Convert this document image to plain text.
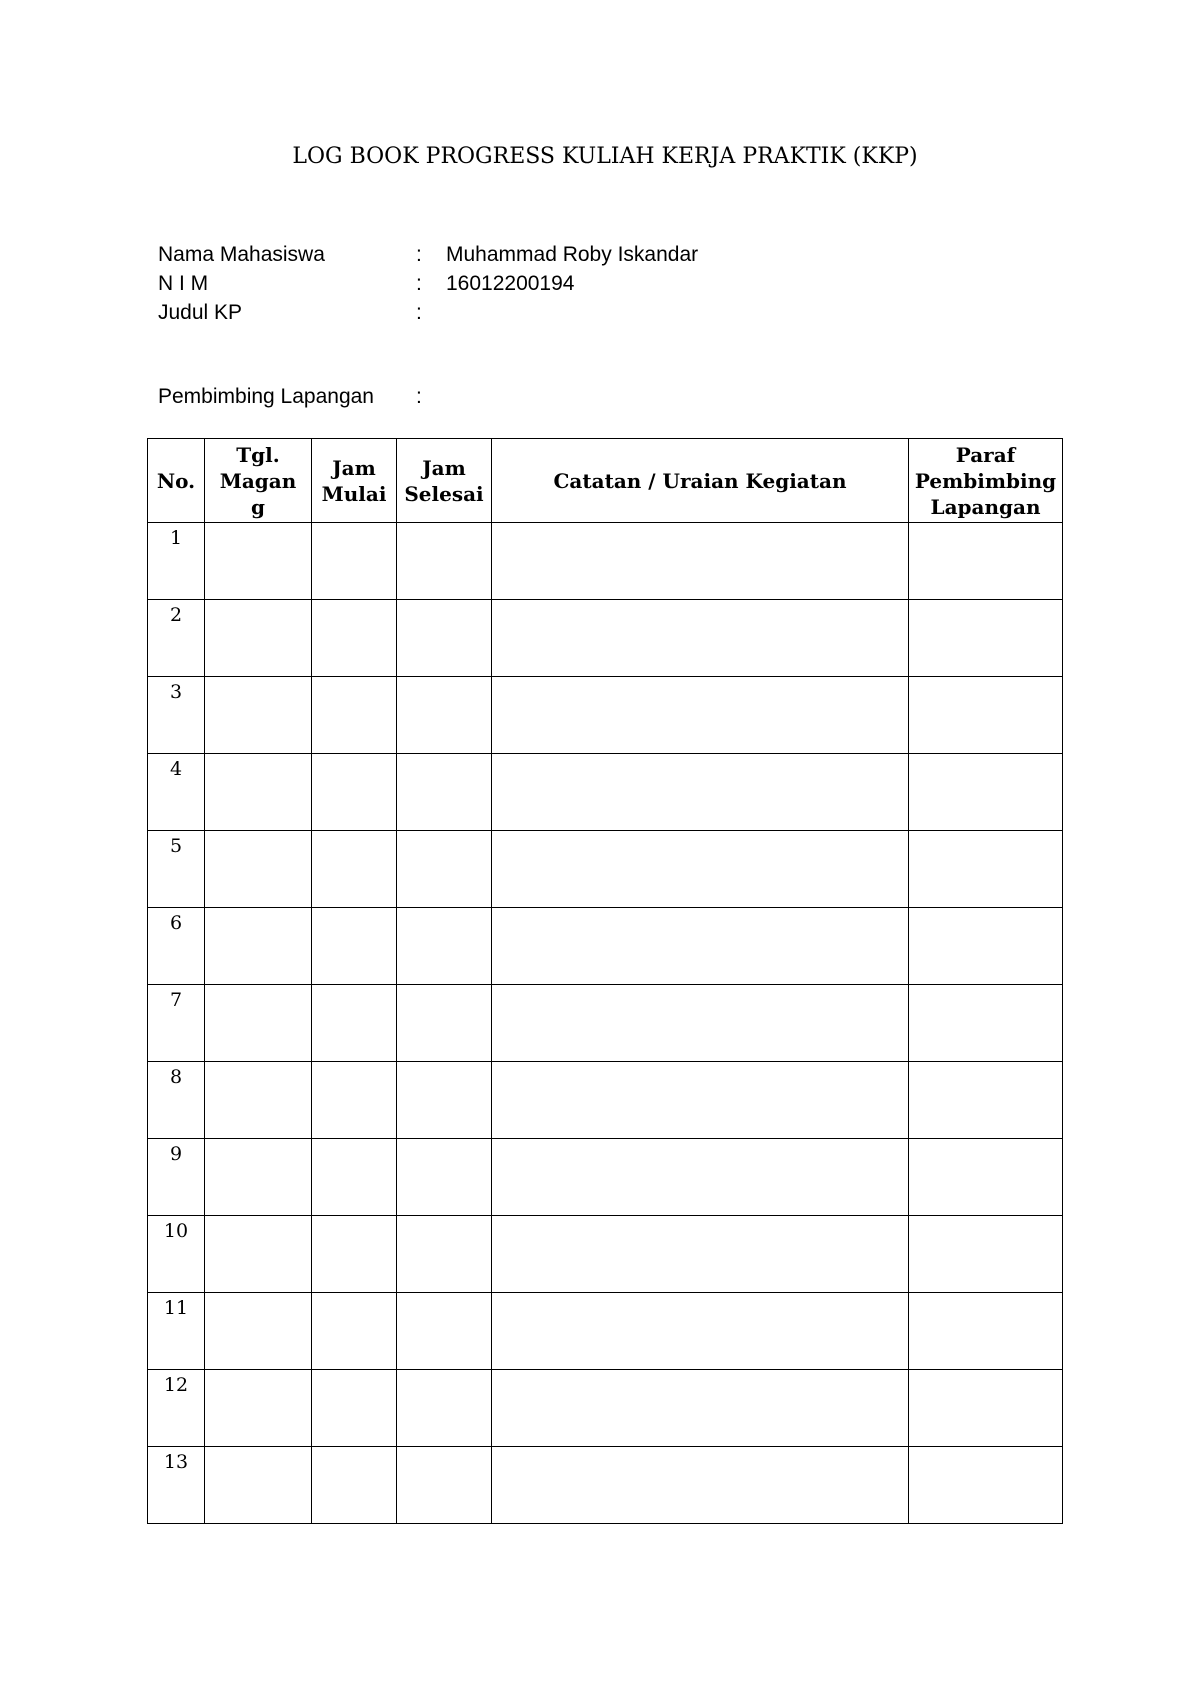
LOG BOOK PROGRESS KULIAH KERJA PRAKTIK (KKP)
Nama Mahasiswa	: Muhammad Roby Iskandar
N I M	: 16012200194
Judul KP	:
Pembimbing Lapangan :
No.	Tgl. Magan g	Jam Mulai	Jam Selesai	Catatan / Uraian Kegiatan	Paraf Pembimbing Lapangan
1					
2					
3					
4					
5					
6					
7					
8					
9					
10					
11					
12					
13					
